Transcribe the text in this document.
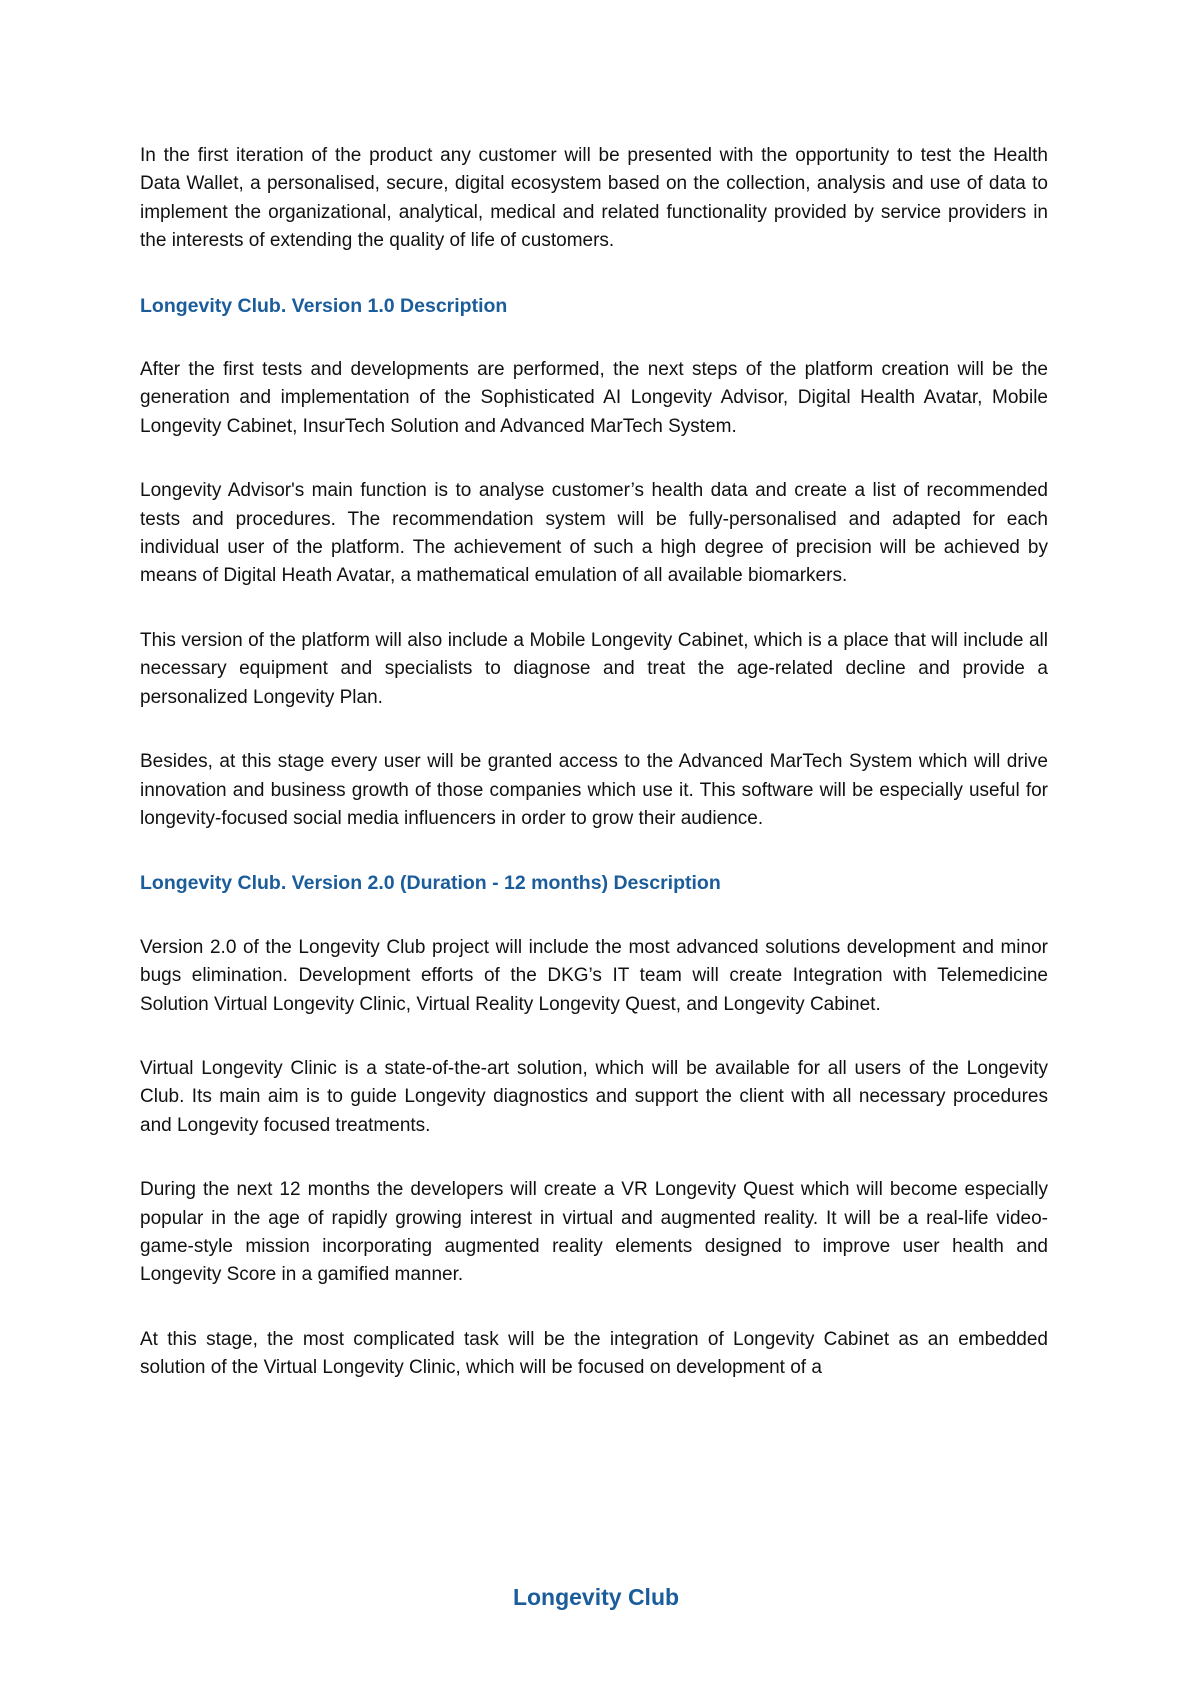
In the first iteration of the product any customer will be presented with the opportunity to test the Health Data Wallet, a personalised, secure, digital ecosystem based on the collection, analysis and use of data to implement the organizational, analytical, medical and related functionality provided by service providers in the interests of extending the quality of life of customers.

Longevity Club. Version 1.0 Description

After the first tests and developments are performed, the next steps of the platform creation will be the generation and implementation of the Sophisticated AI Longevity Advisor, Digital Health Avatar, Mobile Longevity Cabinet, InsurTech Solution and Advanced MarTech System.

Longevity Advisor's main function is to analyse customer’s health data and create a list of recommended tests and procedures. The recommendation system will be fully-personalised and adapted for each individual user of the platform. The achievement of such a high degree of precision will be achieved by means of Digital Heath Avatar, a mathematical emulation of all available biomarkers.

This version of the platform will also include a Mobile Longevity Cabinet, which is a place that will include all necessary equipment and specialists to diagnose and treat the age-related decline and provide a personalized Longevity Plan.

Besides, at this stage every user will be granted access to the Advanced MarTech System which will drive innovation and business growth of those companies which use it. This software will be especially useful for longevity-focused social media influencers in order to grow their audience.

Longevity Club. Version 2.0 (Duration - 12 months) Description

Version 2.0 of the Longevity Club project will include the most advanced solutions development and minor bugs elimination. Development efforts of the DKG’s IT team will create Integration with Telemedicine Solution Virtual Longevity Clinic, Virtual Reality Longevity Quest, and Longevity Cabinet.

Virtual Longevity Clinic is a state-of-the-art solution, which will be available for all users of the Longevity Club. Its main aim is to guide Longevity diagnostics and support the client with all necessary procedures and Longevity focused treatments.

During the next 12 months the developers will create a VR Longevity Quest which will become especially popular in the age of rapidly growing interest in virtual and augmented reality. It will be a real-life video-game-style mission incorporating augmented reality elements designed to improve user health and Longevity Score in a gamified manner.

At this stage, the most complicated task will be the integration of Longevity Cabinet as an embedded solution of the Virtual Longevity Clinic, which will be focused on development of a

Longevity Club
